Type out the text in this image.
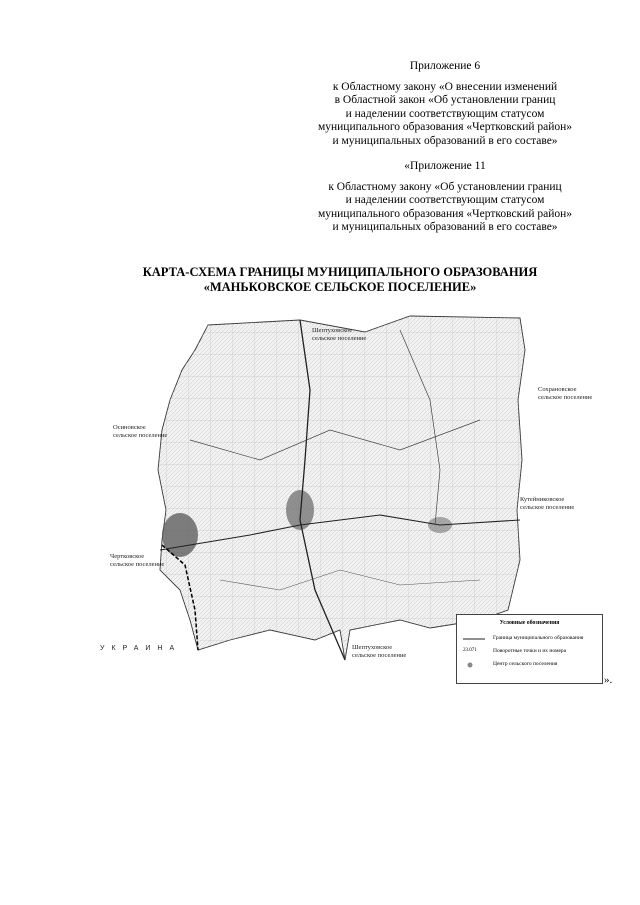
Приложение 6
к Областному закону «О внесении изменений
в Областной закон «Об установлении границ
и наделении соответствующим статусом
муниципального образования «Чертковский район»
и муниципальных образований в его составе»
«Приложение 11
к Областному закону «Об установлении границ
и наделении соответствующим статусом
муниципального образования «Чертковский район»
и муниципальных образований в его составе»
КАРТА-СХЕМА ГРАНИЦЫ МУНИЦИПАЛЬНОГО ОБРАЗОВАНИЯ
«МАНЬКОВСКОЕ СЕЛЬСКОЕ ПОСЕЛЕНИЕ»
Шептуховское
сельское поселение
Сохрановское
сельское поселение
Осиновское
сельское поселение
Кутейниковское
сельское поселение
Чертковское
сельское поселение
Шептуховское
сельское поселение
УКРАИНА
Условные обозначения
Граница муниципального образования
23.071	Поворотные точки и их номера
Центр сельского поселения
».
